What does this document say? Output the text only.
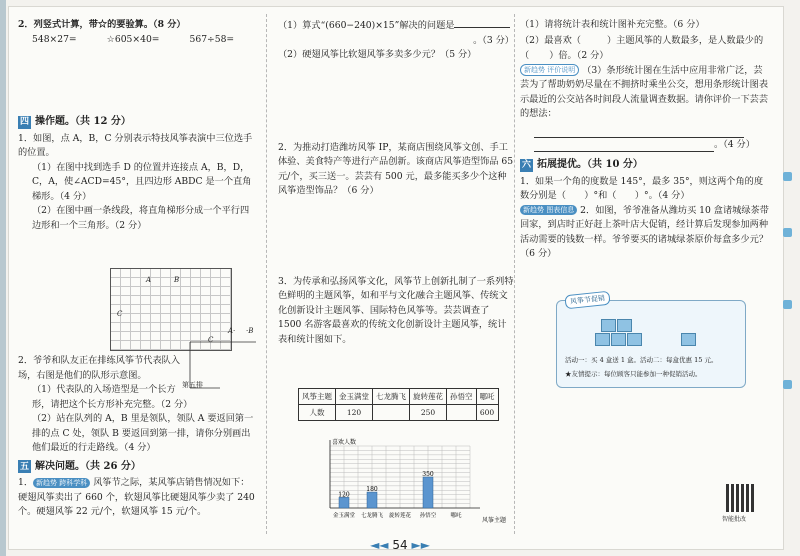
2．列竖式计算，带☆的要验算。（8 分）
548×27=	☆605×40=	567÷58=
四 操作题。（共 12 分）
1．如图，点 A，B，C 分别表示特技风筝表演中三位选手的位置。
（1）在图中找到选手 D 的位置并连接点 A，B，D，C，A，使∠ACD=45°，且四边形 ABDC 是一个直角梯形。（4 分）
（2）在图中画一条线段，将直角梯形分成一个平行四边形和一个三角形。（2 分）
A	B
C
2．爷爷和队友正在排练风筝节代表队入场，右图是他们的队形示意图。
（1）代表队的入场造型是一个长方形，请把这个长方形补充完整。（2 分）
（2）站在队列的 A，B 里是领队，领队 A 要返回第一排的点 C 处，领队 B 要返回到第一排，请你分别画出他们最近的行走路线。（4 分）
五 解决问题。（共 26 分）
1． 新趋势 跨科学科 风筝节之际，某风筝店销售情况如下：硬翅风筝卖出了 660 个，软翅风筝比硬翅风筝少卖了 240 个。硬翅风筝 22 元/个，软翅风筝 15 元/个。
A· ·B
C
第五排
（1）算式“(660−240)×15”解决的问题是
。（3 分）
（2）硬翅风筝比软翅风筝多卖多少元？（5 分）
2．为推动打造潍坊风筝 IP，某商店围绕风筝文创、手工体验、美食特产等进行产品创新。该商店风筝造型饰品 65 元/个，买三送一。芸芸有 500 元，最多能买多少个这种风筝造型饰品？（6 分）
3．为传承和弘扬风筝文化，风筝节上创新扎制了一系列特色鲜明的主题风筝，如和平与文化融合主题风筝、传统文化创新设计主题风筝、国际特色风筝等。芸芸调查了 1500 名游客最喜欢的传统文化创新设计主题风筝，统计表和统计图如下。
风筝主题	金玉满堂	七龙腾飞	旋转莲花	孙悟空	哪吒
人数	120		250		600
喜欢人数
风筝主题
金玉满堂
120
七龙腾飞
180
旋转莲花 孙悟空
350
哪吒
（1）请将统计表和统计图补充完整。（6 分）
（2）最喜欢（	）主题风筝的人数最多，是人数最少的（ ）倍。（2 分）
新趋势 评价说明 （3）条形统计图在生活中应用非常广泛，芸芸为了帮助奶奶尽量在不拥挤时乘坐公交，想用条形统计图表示最近的公交站各时间段人流量调查数据。请你评价一下芸芸的想法：
。（4 分）
六 拓展提优。（共 10 分）
1．如果一个角的度数是 145°，最多 35°，则这两个角的度数分别是（　　）°和（　　）°。（4 分）
新趋势 图表信息 2．如图，爷爷准备从潍坊买 10 盒诸城绿茶带回家，到店时正好赶上茶叶店大促销，经计算后发现参加两种活动需要的钱数一样。爷爷要买的诸城绿茶原价每盒多少元？（6 分）
风筝节促销
活动一：买 4 盒送 1 盒。活动二：每盒优惠 15 元。
★友情提示：每位顾客只能参加一种促销活动。
智能批改
◄◄ 54 ►►
